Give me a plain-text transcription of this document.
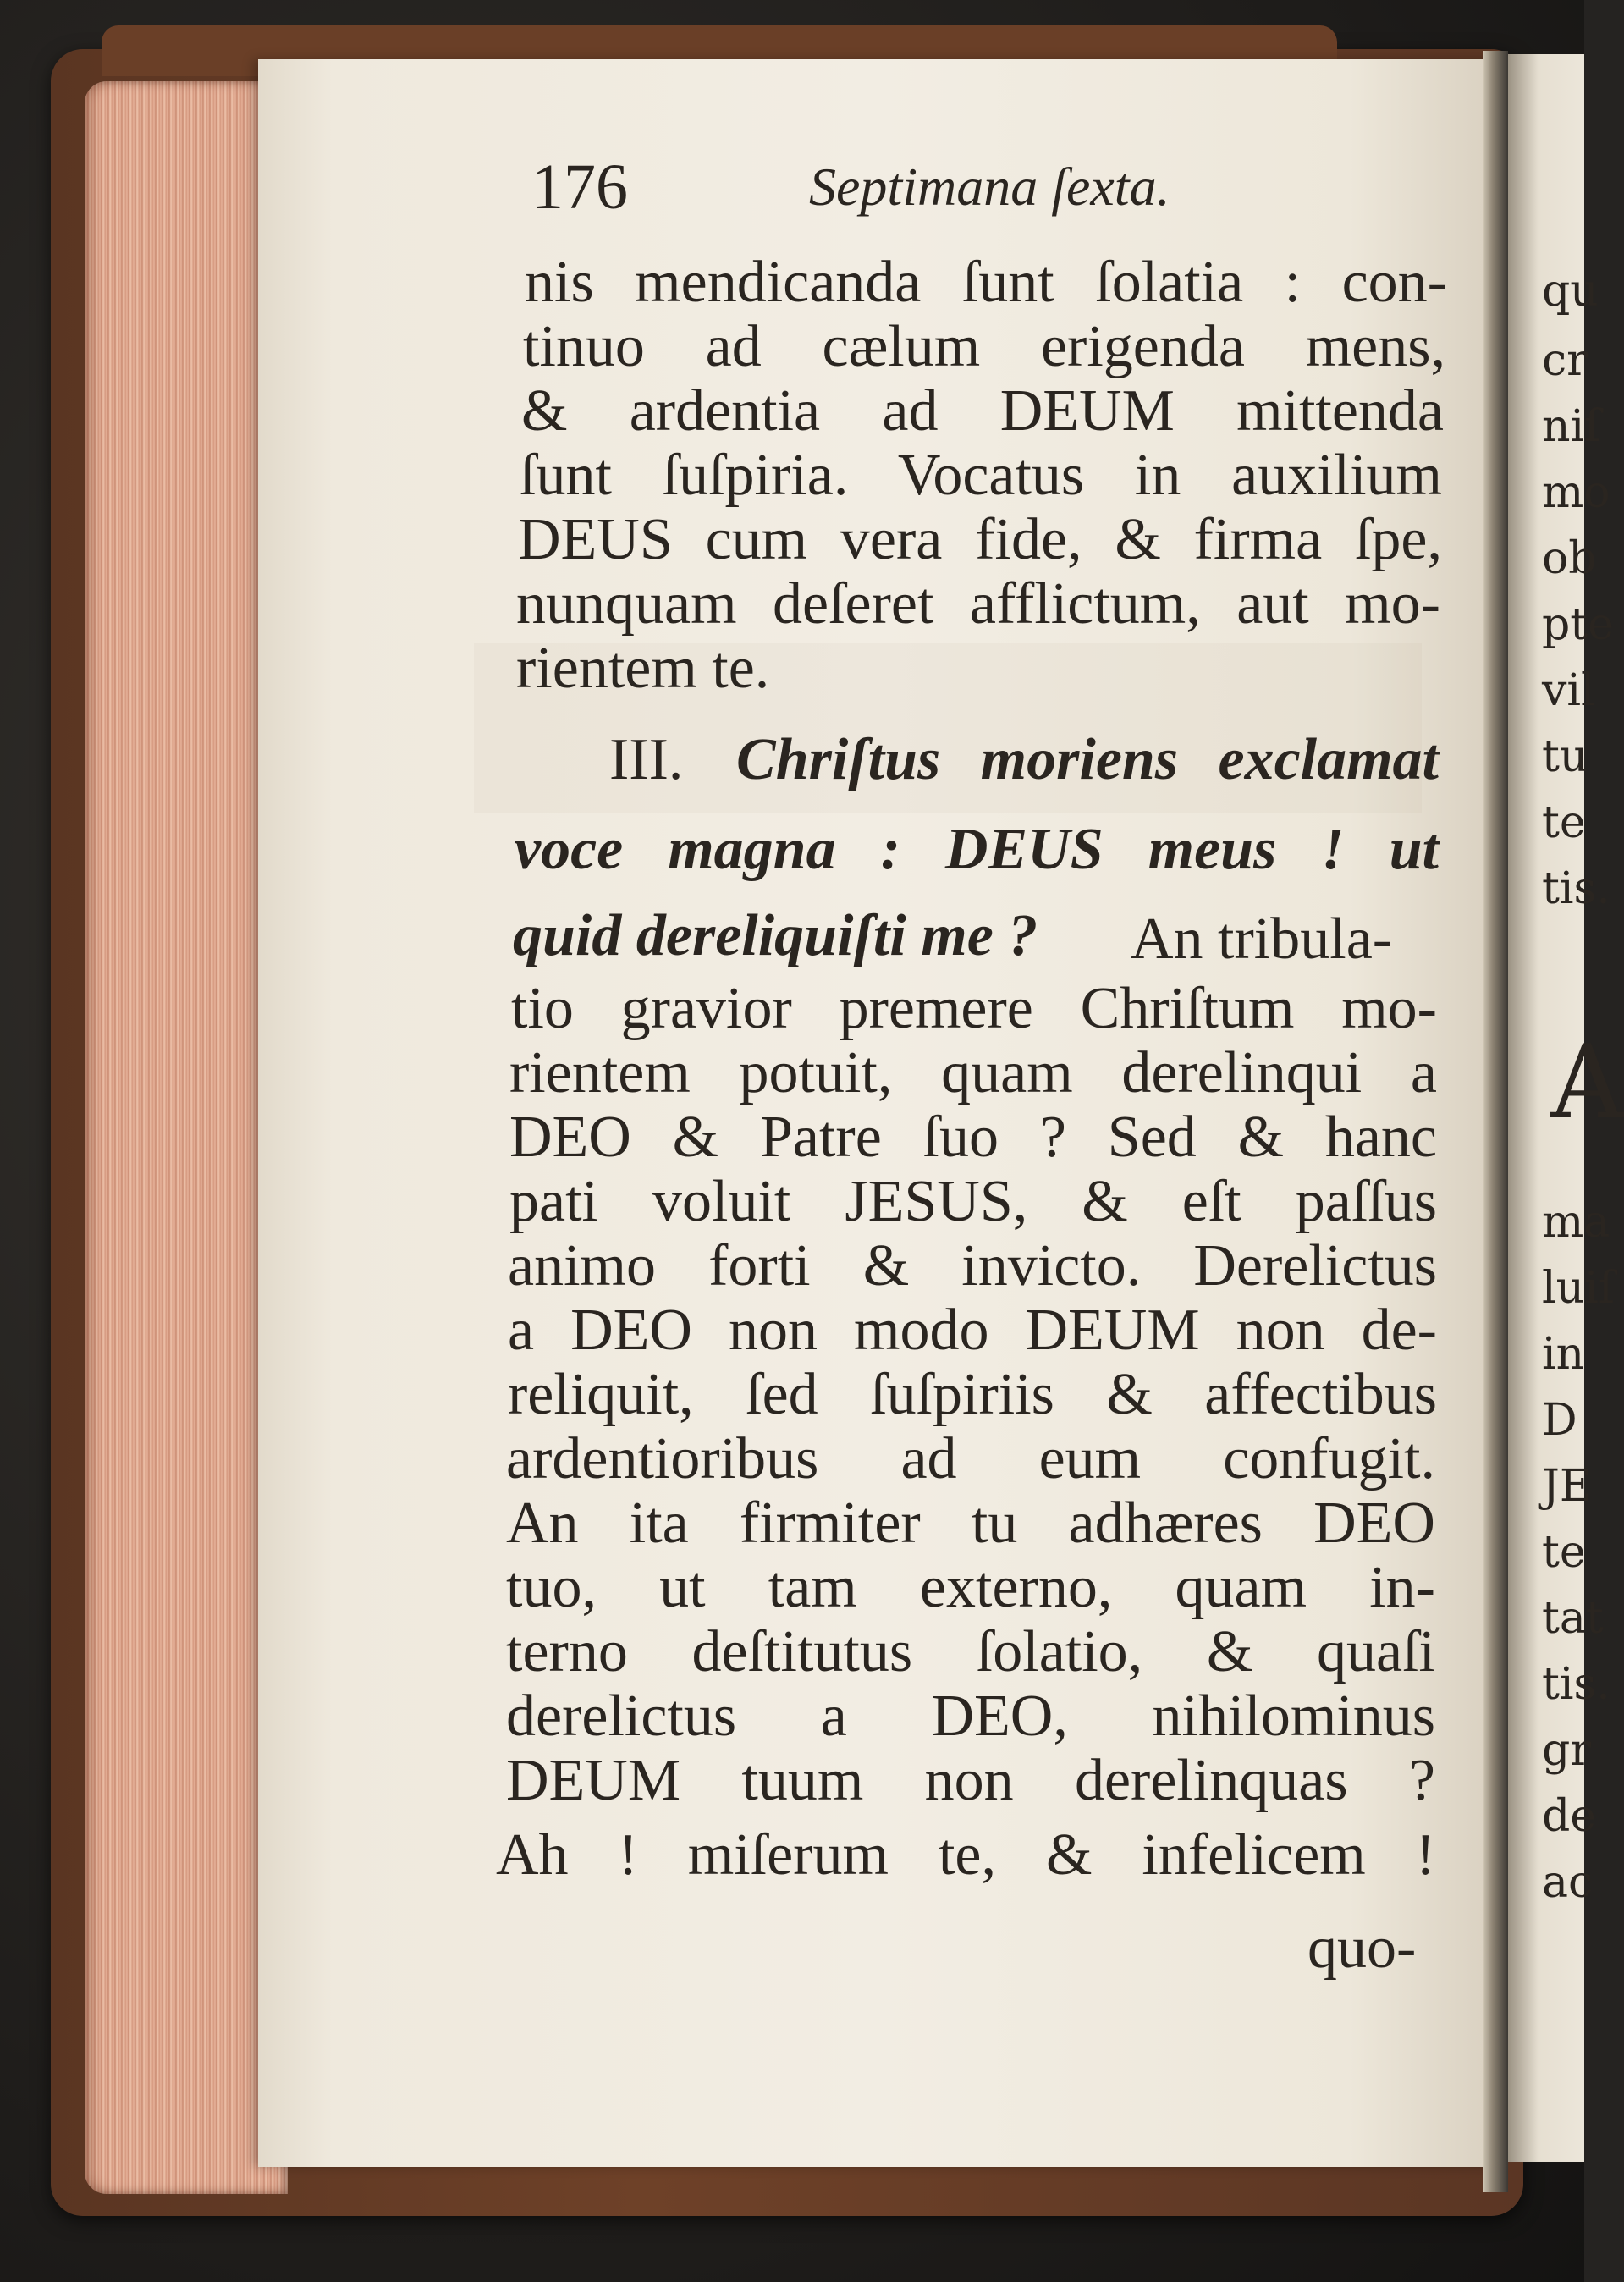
176	Septimana ſexta.
nis mendicanda ſunt ſolatia : con-
tinuo ad cælum erigenda mens,
& ardentia ad DEUM mittenda
ſunt ſuſpiria. Vocatus in auxilium
DEUS cum vera fide, & firma ſpe,
nunquam deſeret afflictum, aut mo-
rientem te.
III. Chriſtus moriens exclamat
voce magna : DEUS meus ! ut
quid dereliquiſti me ? An tribula-
tio gravior premere Chriſtum mo-
rientem potuit, quam derelinqui a
DEO & Patre ſuo ? Sed & hanc
pati voluit JESUS, & eſt paſſus
animo forti & invicto. Derelictus
a DEO non modo DEUM non de-
reliquit, ſed ſuſpiriis & affectibus
ardentioribus ad eum confugit.
An ita firmiter tu adhæres DEO
tuo, ut tam externo, quam in-
terno deſtitutus ſolatio, & quaſi
derelictus a DEO, nihilominus
DEUM tuum non derelinquas ?
Ah ! miſerum te, & infelicem !
quo-
qu
cr
niſ
mo
ob
pte
vil
tu
te
tis.
A
ma
luiſ
in
D
JE
te
tat
tis.
gr
de
ac
